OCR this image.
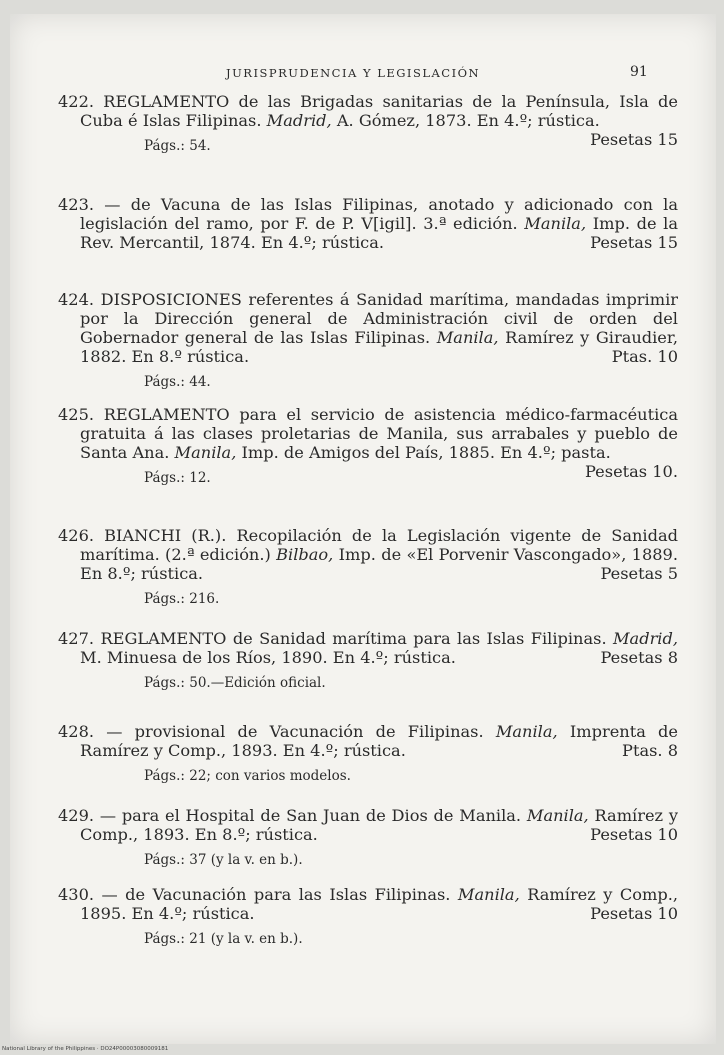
JURISPRUDENCIA Y LEGISLACIÓN	91

422. REGLAMENTO de las Brigadas sanitarias de la Península, Isla de Cuba é Islas Filipinas. Madrid, A. Gómez, 1873. En 4.º; rústica.
Pesetas 15

Págs.: 54.

423. — de Vacuna de las Islas Filipinas, anotado y adicionado con la legislación del ramo, por F. de P. V[igil]. 3.ª edición. Manila, Imp. de la Rev. Mercantil, 1874. En 4.º; rústica.	Pesetas 15

424. DISPOSICIONES referentes á Sanidad marítima, mandadas imprimir por la Dirección general de Administración civil de orden del Gobernador general de las Islas Filipinas. Manila, Ramírez y Giraudier, 1882. En 8.º rústica.	Ptas. 10

Págs.: 44.

425. REGLAMENTO para el servicio de asistencia médico-farmacéutica gratuita á las clases proletarias de Manila, sus arrabales y pueblo de Santa Ana. Manila, Imp. de Amigos del País, 1885. En 4.º; pasta.
Pesetas 10.

Págs.: 12.

426. BIANCHI (R.). Recopilación de la Legislación vigente de Sanidad marítima. (2.ª edición.) Bilbao, Imp. de «El Porvenir Vascongado», 1889. En 8.º; rústica.	Pesetas 5

Págs.: 216.

427. REGLAMENTO de Sanidad marítima para las Islas Filipinas. Madrid, M. Minuesa de los Ríos, 1890. En 4.º; rústica.	Pesetas 8

Págs.: 50.—Edición oficial.

428. — provisional de Vacunación de Filipinas. Manila, Imprenta de Ramírez y Comp., 1893. En 4.º; rústica.	Ptas. 8

Págs.: 22; con varios modelos.

429. — para el Hospital de San Juan de Dios de Manila. Manila, Ramírez y Comp., 1893. En 8.º; rústica.	Pesetas 10

Págs.: 37 (y la v. en b.).

430. — de Vacunación para las Islas Filipinas. Manila, Ramírez y Comp., 1895. En 4.º; rústica.	Pesetas 10

Págs.: 21 (y la v. en b.).
National Library of the Philippines · DO24P00003080009181
